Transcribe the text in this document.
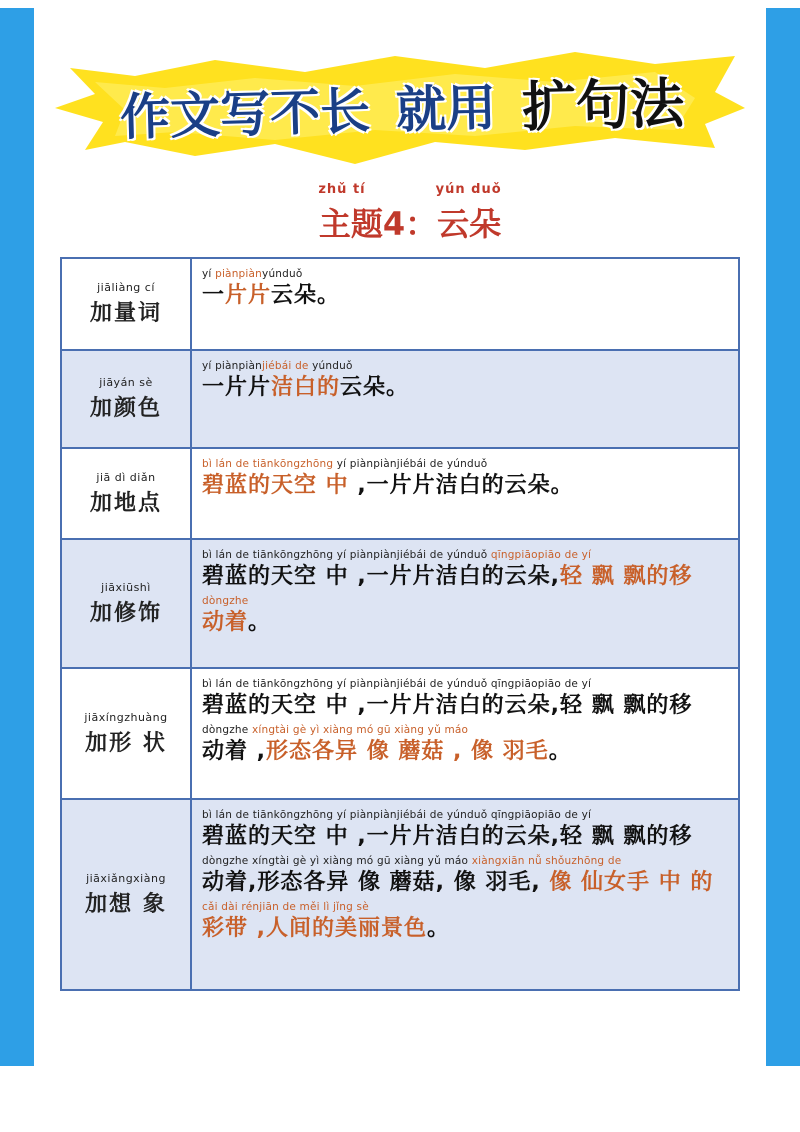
作文写不长 就用 扩句法
zhǔ tí	yún duǒ
主题4：云朵
jiāliàng cí
加量词
yí piànpiànyúnduǒ
一片片云朵。
jiāyán sè
加颜色
yí piànpiànjiébái de yúnduǒ
一片片洁白的云朵。
jiā dì diǎn
加地点
bì lán de tiānkōngzhōng yí piànpiànjiébái de yúnduǒ
碧蓝的天空 中 ,一片片洁白的云朵。
jiāxiūshì
加修饰
bì lán de tiānkōngzhōng yí piànpiànjiébái de yúnduǒ qīngpiāopiāo de yí
碧蓝的天空 中 ,一片片洁白的云朵,轻 飘 飘的移
dòngzhe
动着。
jiāxíngzhuàng
加形 状
bì lán de tiānkōngzhōng yí piànpiànjiébái de yúnduǒ qīngpiāopiāo de yí
碧蓝的天空 中 ,一片片洁白的云朵,轻 飘 飘的移
dòngzhe xíngtài gè yì xiàng mó gū xiàng yǔ máo
动着 ,形态各异 像 蘑菇 , 像 羽毛。
jiāxiǎngxiàng
加想 象
bì lán de tiānkōngzhōng yí piànpiànjiébái de yúnduǒ qīngpiāopiāo de yí
碧蓝的天空 中 ,一片片洁白的云朵,轻 飘 飘的移
dòngzhe xíngtài gè yì xiàng mó gū xiàng yǔ máo xiàngxiān nǚ shǒuzhōng de
动着,形态各异 像 蘑菇, 像 羽毛, 像 仙女手 中 的
cǎi dài rénjiān de měi lì jǐng sè
彩带 ,人间的美丽景色。
